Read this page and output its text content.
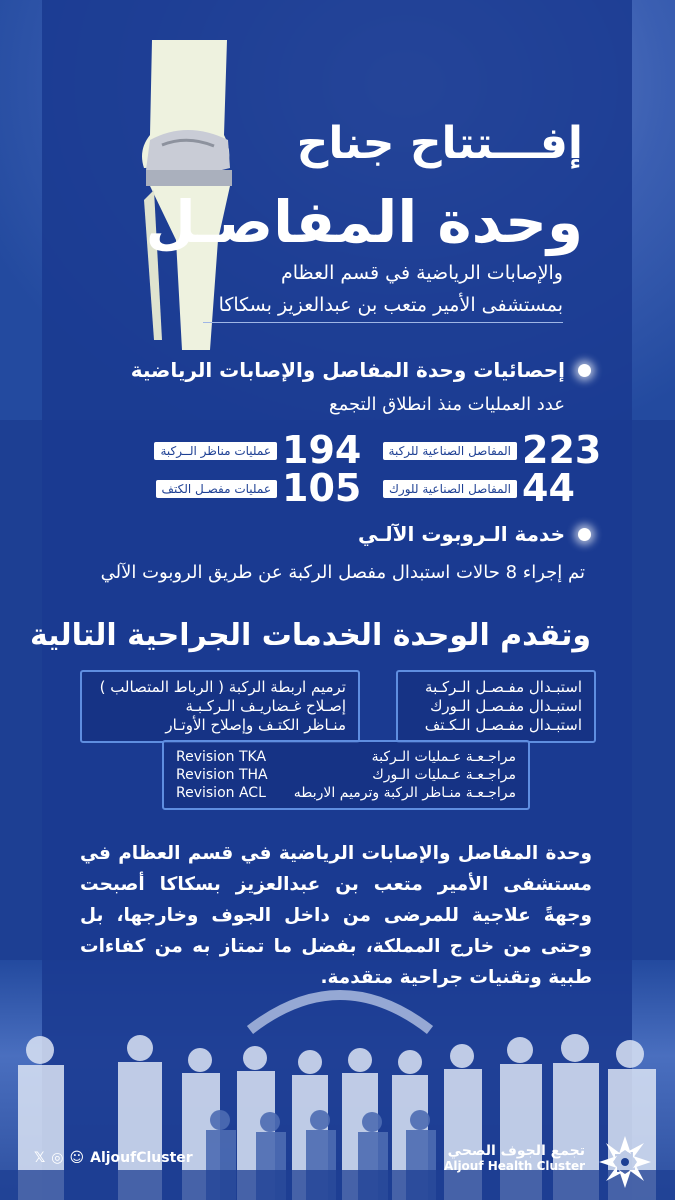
إفـــتتاح جناح
وحدة المفاصـل
والإصابات الرياضية في قسم العظام
بمستشفى الأمير متعب بن عبدالعزيز بسكاكا
إحصائيات وحدة المفاصل والإصابات الرياضية
عدد العمليات منذ انطلاق التجمع
223
المفاصل الصناعية للركبة
194
عمليات مناظر الــركبة
44
المفاصل الصناعية للورك
105
عمليات مفصـل الكتف
خدمة الـروبوت الآلـي
تم إجراء 8 حالات استبدال مفصل الركبة عن طريق الروبوت الآلي
وتقدم الوحدة الخدمات الجراحية التالية
استبـدال مفـصـل الـركـبة
استبـدال مفـصـل الـورك
استبـدال مفـصـل الـكـتف
ترميم اربطة الركبة ( الرباط المتصالب )
إصـلاح غـضاريـف الـركـبـة
منـاظر الكتـف وإصلاح الأوتـار
مراجـعـة عـمليات الـركبة
Revision TKA
مراجـعـة عـمليات الـورك
Revision THA
مراجـعـة منـاظر الركبة وترميم الاربطه
Revision ACL
وحدة المفاصل والإصابات الرياضية في قسم العظام في مستشفى الأمير متعب بن عبدالعزيز بسكاكا أصبحت وجهةً علاجية للمرضى من داخل الجوف وخارجها، بل وحتى من خارج المملكة، بفضل ما تمتاز به من كفاءات طبية وتقنيات جراحية متقدمة.
𝕏 ◎ ☺ AljoufCluster	تجمع الجوف الصحي
Aljouf Health Cluster
